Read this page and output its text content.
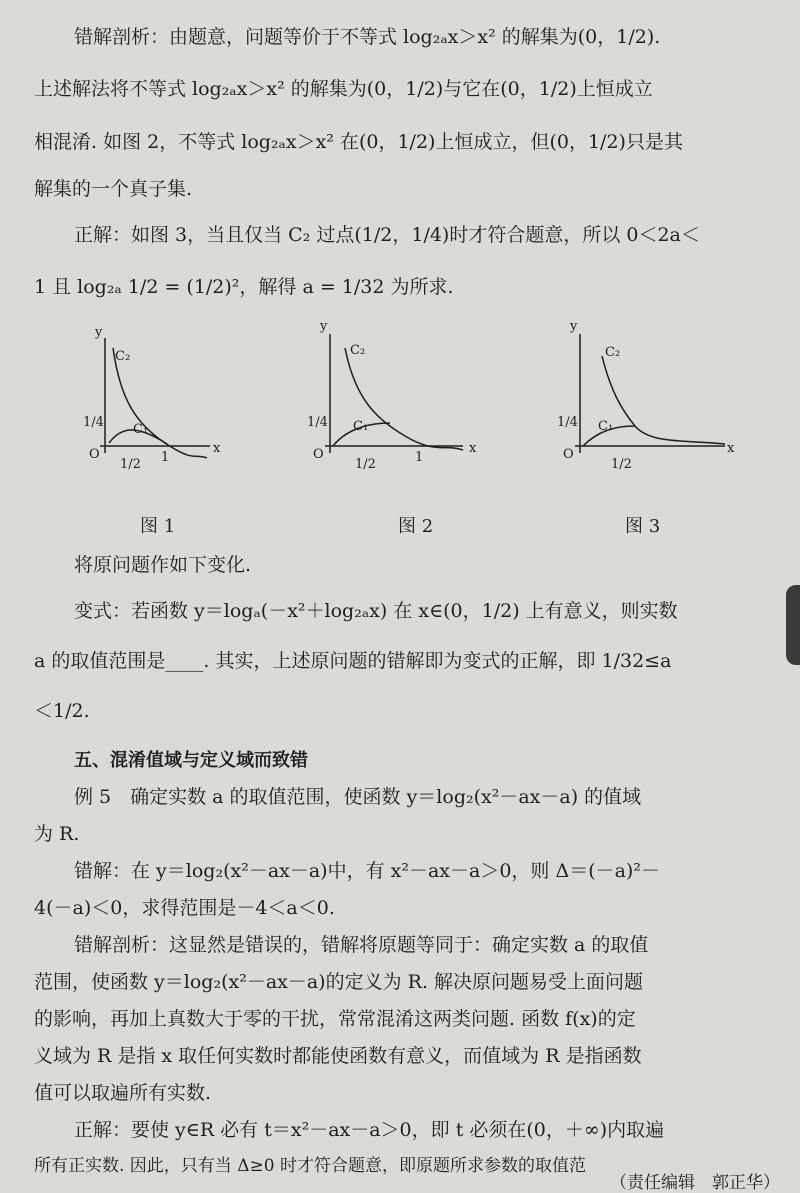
错解剖析：由题意，问题等价于不等式 log₂ₐx＞x² 的解集为(0，1/2).
上述解法将不等式 log₂ₐx＞x² 的解集为(0，1/2)与它在(0，1/2)上恒成立
相混淆. 如图 2，不等式 log₂ₐx＞x² 在(0，1/2)上恒成立，但(0，1/2)只是其
解集的一个真子集.
正解：如图 3，当且仅当 C₂ 过点(1/2，1/4)时才符合题意，所以 0＜2a＜
1 且 log₂ₐ 1/2 = (1/2)²，解得 a = 1/32 为所求.
y
x
O
C₂
C₁
1/4
1/2 1
y
x
O
C₂
C₁
1/4
1/2	1
y
x
O
C₂
C₁
1/4
1/2
图 1	图 2	图 3
将原问题作如下变化.
变式：若函数 y＝logₐ(－x²＋log₂ₐx) 在 x∈(0，1/2) 上有意义，则实数
a 的取值范围是____. 其实，上述原问题的错解即为变式的正解，即 1/32≤a
＜1/2.
五、混淆值域与定义域而致错
例 5　确定实数 a 的取值范围，使函数 y＝log₂(x²－ax－a) 的值域
为 R.
错解：在 y＝log₂(x²－ax－a)中，有 x²－ax－a＞0，则 Δ＝(－a)²－
4(－a)＜0，求得范围是－4＜a＜0.
错解剖析：这显然是错误的，错解将原题等同于：确定实数 a 的取值
范围，使函数 y＝log₂(x²－ax－a)的定义为 R. 解决原问题易受上面问题
的影响，再加上真数大于零的干扰，常常混淆这两类问题. 函数 f(x)的定
义域为 R 是指 x 取任何实数时都能使函数有意义，而值域为 R 是指函数
值可以取遍所有实数.
正解：要使 y∈R 必有 t＝x²－ax－a＞0，即 t 必须在(0，＋∞)内取遍
所有正实数. 因此，只有当 Δ≥0 时才符合题意，即原题所求参数的取值范
（责任编辑　郭正华）
